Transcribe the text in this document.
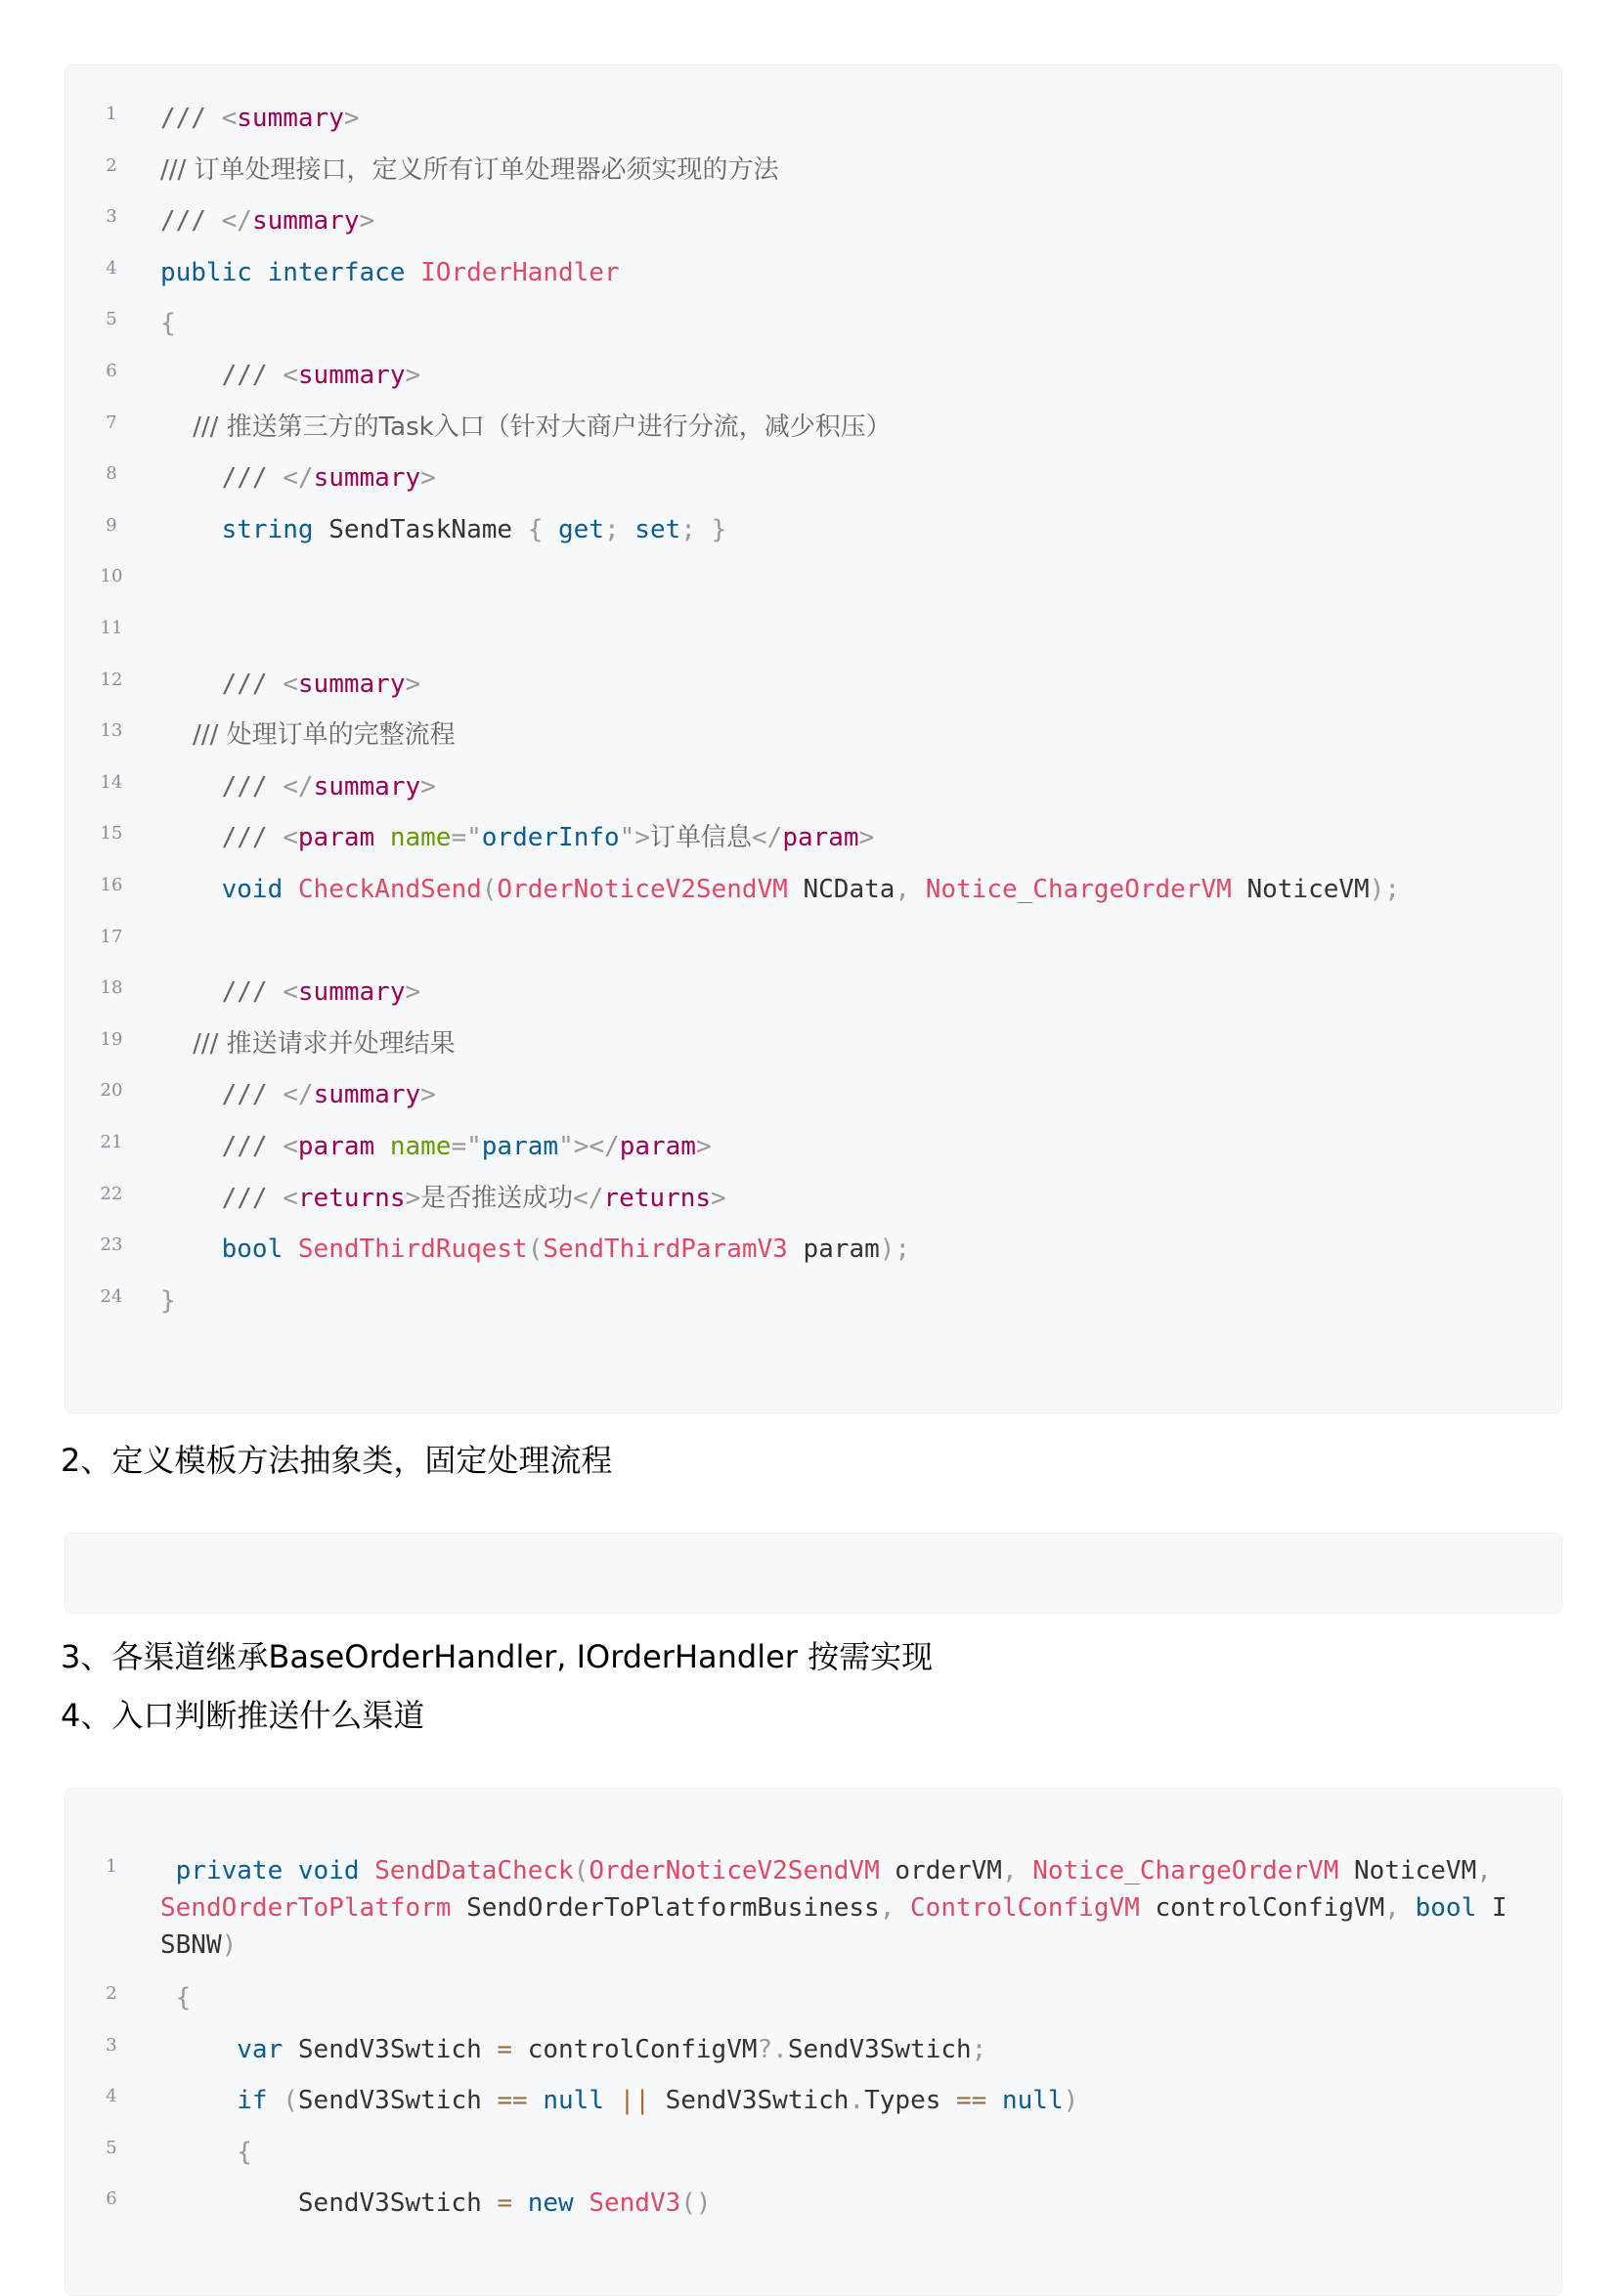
1	/// <summary>
2	/// 订单处理接口，定义所有订单处理器必须实现的方法
3	/// </summary>
4	public interface IOrderHandler
5	{
6	/// <summary>
7	/// 推送第三方的Task入口（针对大商户进行分流，减少积压）
8	/// </summary>
9	string SendTaskName { get; set; }
10
11
12 /// <summary>
13 /// 处理订单的完整流程
14 /// </summary>
15 /// <param name="orderInfo">订单信息</param>
16 void CheckAndSend(OrderNoticeV2SendVM NCData, Notice_ChargeOrderVM NoticeVM);
17
18 /// <summary>
19 /// 推送请求并处理结果
20 /// </summary>
21 /// <param name="param"></param>
22 /// <returns>是否推送成功</returns>
23 bool SendThirdRuqest(SendThirdParamV3 param);
24 }
2、定义模板方法抽象类，固定处理流程
3、各渠道继承BaseOrderHandler, IOrderHandler 按需实现
4、入口判断推送什么渠道
1	private void SendDataCheck(OrderNoticeV2SendVM orderVM, Notice_ChargeOrderVM NoticeVM, SendOrderToPlatform SendOrderToPlatformBusiness, ControlConfigVM controlConfigVM, bool ISBNW)
2	{
3	var SendV3Swtich = controlConfigVM?.SendV3Swtich;
4	if (SendV3Swtich == null || SendV3Swtich.Types == null)
5	{
6	SendV3Swtich = new SendV3()
